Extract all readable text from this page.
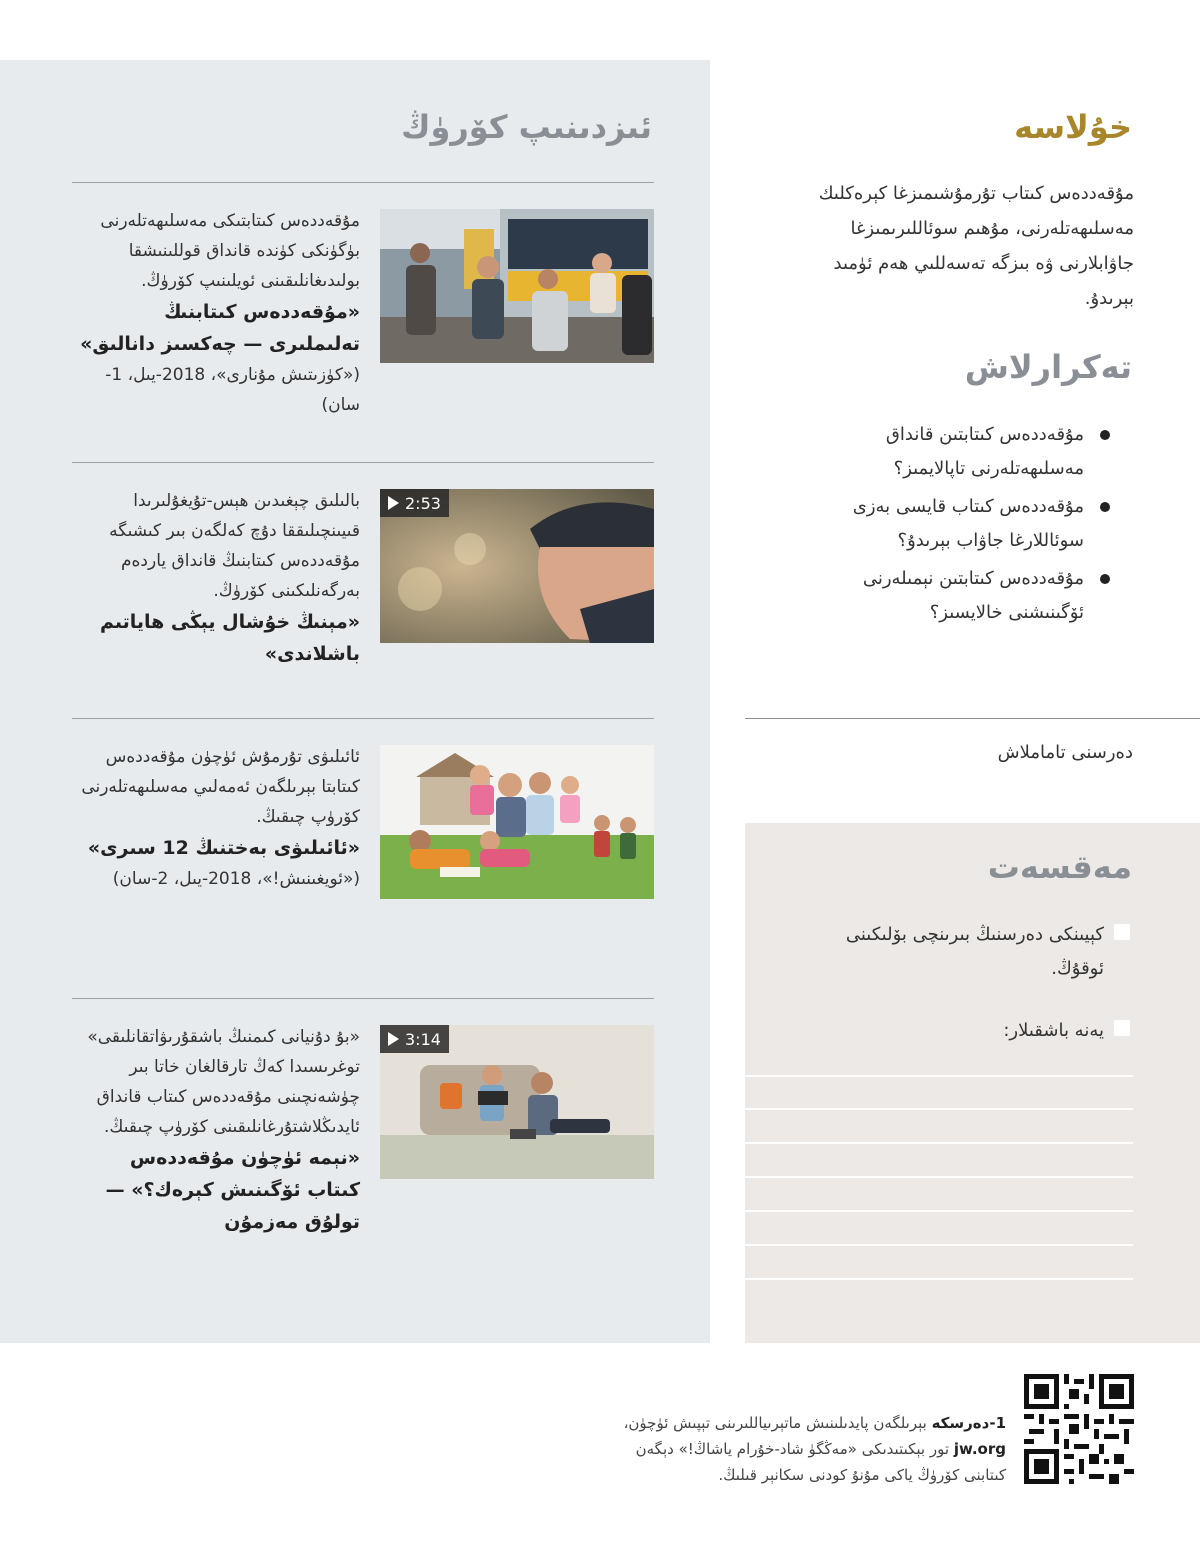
ئىزدىنىپ كۆرۈڭ
مۇقەددەس كىتابتىكى مەسلىھەتلەرنى بۈگۈنكى كۈندە قانداق قوللىنىشقا بولىدىغانلىقىنى ئويلىنىپ كۆرۈڭ.
«مۇقەددەس كىتابنىڭ تەلىملىرى — چەكسىز دانالىق»
(«كۈزىتىش مۇنارى»، 2018-يىل، 1-سان)
بالىلىق چېغىدىن ھېس-تۇيغۇلىرىدا قىيىنچىلىققا دۇچ كەلگەن بىر كىشىگە مۇقەددەس كىتابنىڭ قانداق ياردەم بەرگەنلىكىنى كۆرۈڭ.
«مېنىڭ خۇشال يېڭى ھاياتىم باشلاندى»
2:53
ئائىلىۋى تۇرمۇش ئۈچۈن مۇقەددەس كىتابتا بېرىلگەن ئەمەلىي مەسلىھەتلەرنى كۆرۈپ چىقىڭ.
«ئائىلىۋى بەختنىڭ 12 سىرى»
(«ئويغىنىش!»، 2018-يىل، 2-سان)
«بۇ دۇنيانى كىمنىڭ باشقۇرىۋاتقانلىقى» توغرىسىدا كەڭ تارقالغان خاتا بىر چۈشەنچىنى مۇقەددەس كىتاب قانداق ئايدىڭلاشتۇرغانلىقىنى كۆرۈپ چىقىڭ.
«نېمە ئۈچۈن مۇقەددەس كىتاب ئۆگىنىش كېرەك؟» — تولۇق مەزمۇن
3:14
خۇلاسە
مۇقەددەس كىتاب تۇرمۇشىمىزغا كېرەكلىك مەسلىھەتلەرنى، مۇھىم سوئاللىرىمىزغا جاۋابلارنى ۋە بىزگە تەسەللىي ھەم ئۈمىد بېرىدۇ.
تەكرارلاش
مۇقەددەس كىتابتىن قانداق مەسلىھەتلەرنى تاپالايمىز؟
مۇقەددەس كىتاب قايسى بەزى سوئاللارغا جاۋاب بېرىدۇ؟
مۇقەددەس كىتابتىن نېمىلەرنى ئۆگىنىشنى خالايسىز؟
دەرسنى تاماملاش
مەقسەت
كېيىنكى دەرسنىڭ بىرىنچى بۆلىكىنى ئوقۇڭ.
يەنە باشقىلار:
1-دەرسكە بېرىلگەن پايدىلىنىش ماتېرىياللىرىنى تېپىش ئۈچۈن،
jw.org تور بېكىتىدىكى «مەڭگۈ شاد-خۇرام ياشاڭ!» دېگەن
كىتابنى كۆرۈڭ ياكى مۇنۇ كودنى سكانېر قىلىڭ.
